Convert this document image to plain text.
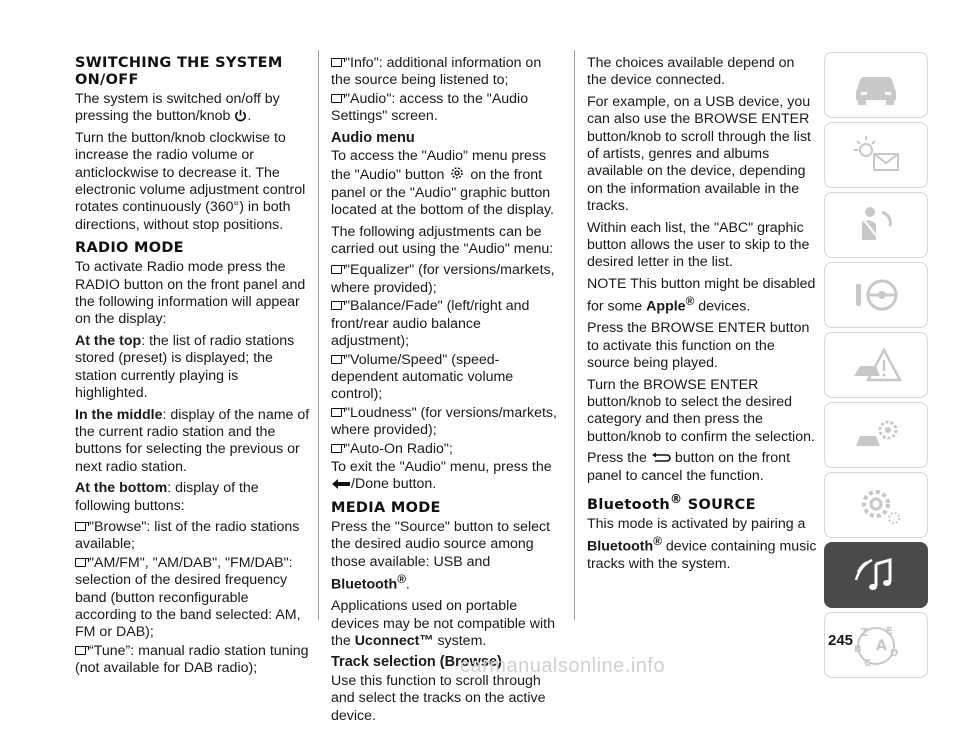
SWITCHING THE SYSTEM ON/OFF

The system is switched on/off by pressing the button/knob .

Turn the button/knob clockwise to increase the radio volume or anticlockwise to decrease it. The electronic volume adjustment control rotates continuously (360°) in both directions, without stop positions.

RADIO MODE

To activate Radio mode press the RADIO button on the front panel and the following information will appear on the display:

At the top: the list of radio stations stored (preset) is displayed; the station currently playing is highlighted.

In the middle: display of the name of the current radio station and the buttons for selecting the previous or next radio station.

At the bottom: display of the following buttons:

"Browse": list of the radio stations available;

"AM/FM", "AM/DAB", "FM/DAB": selection of the desired frequency band (button reconfigurable according to the band selected: AM, FM or DAB);

“Tune”: manual radio station tuning (not available for DAB radio);

"Info": additional information on the source being listened to;

"Audio": access to the "Audio Settings" screen.

Audio menu

To access the "Audio" menu press the "Audio" button on the front panel or the "Audio" graphic button located at the bottom of the display.

The following adjustments can be carried out using the "Audio" menu:

"Equalizer" (for versions/markets, where provided);

"Balance/Fade" (left/right and front/rear audio balance adjustment);

"Volume/Speed" (speed-dependent automatic volume control);

"Loudness" (for versions/markets, where provided);

"Auto-On Radio";

To exit the "Audio" menu, press the
/Done button.

MEDIA MODE

Press the "Source" button to select the desired audio source among those available: USB and Bluetooth®.

Applications used on portable devices may be not compatible with the Uconnect™ system.

Track selection (Browse)

Use this function to scroll through and select the tracks on the active device.

The choices available depend on the device connected.

For example, on a USB device, you can also use the BROWSE ENTER button/knob to scroll through the list of artists, genres and albums available on the device, depending on the information available in the tracks.

Within each list, the "ABC" graphic button allows the user to skip to the desired letter in the list.

NOTE This button might be disabled for some Apple® devices.

Press the BROWSE ENTER button to activate this function on the source being played.

Turn the BROWSE ENTER button/knob to select the desired category and then press the button/knob to confirm the selection.

Press the button on the front panel to cancel the function.

Bluetooth® SOURCE

This mode is activated by pairing a
Bluetooth® device containing music tracks with the system.

Z E
B A D
C
245
carmanualsonline.info
